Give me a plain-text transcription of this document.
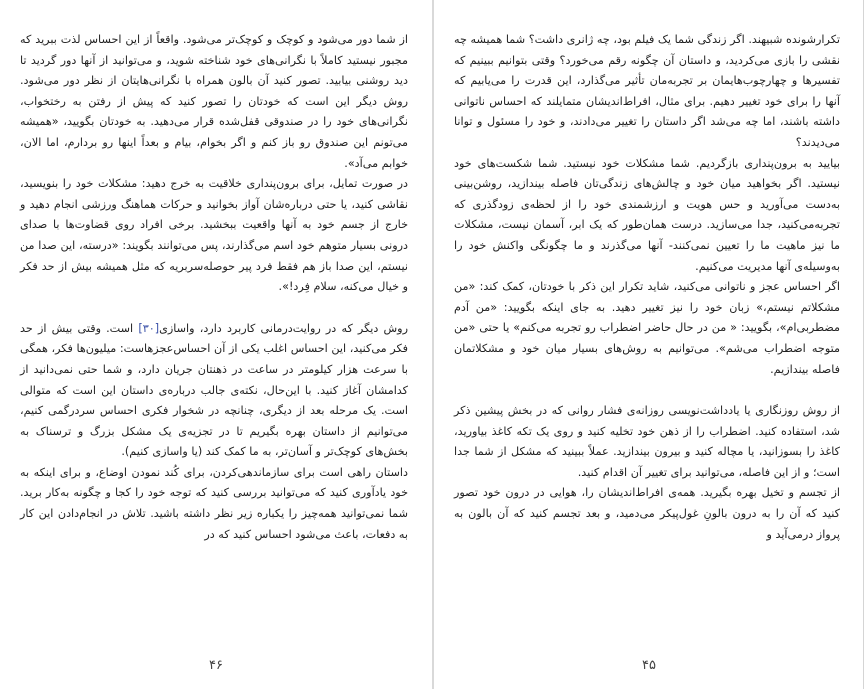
از شما دور می‌شود و کوچک و کوچک‌تر می‌شود. واقعاً از این احساس لذت ببرید که مجبور نیستید کاملاً با نگرانی‌های خود شناخته شوید، و می‌توانید از آنها دور گردید تا دید روشنی بیابید. تصور کنید آن بالون همراه با نگرانی‌هایتان از نظر دور می‌شود. روش دیگر این است که خودتان را تصور کنید که پیش از رفتن به رختخواب، نگرانی‌های خود را در صندوقی قفل‌شده قرار می‌دهید. به خودتان بگویید، «همیشه می‌تونم این صندوق رو باز کنم و اگر بخوام، بیام و بعداً اینها رو بردارم، اما الان، خوابم می‌آد».

در صورت تمایل، برای برون‌پنداری خلاقیت به خرج دهید: مشکلات خود را بنویسید، نقاشی کنید، یا حتی درباره‌شان آواز بخوانید و حرکات هماهنگ ورزشی انجام دهید و خارج از جسم خود به آنها واقعیت ببخشید. برخی افراد روی قضاوت‌ها با صدای درونی بسیار متوهم خود اسم می‌گذارند، پس می‌توانند بگویند: «درسته، این صدا من نیستم، این صدا باز هم فقط فرد پیر حوصله‌سربریه که مثل همیشه بیش از حد فکر و خیال می‌کنه، سلام فِرد!».

روش دیگر که در روایت‌درمانی کاربرد دارد، واسازی[۳۰] است. وقتی بیش از حد فکر می‌کنید، این احساس اغلب یکی از آن احساس‌عجزهاست: میلیون‌ها فکر، همگی با سرعت هزار کیلومتر در ساعت در ذهنتان جریان دارد، و شما حتی نمی‌دانید از کدامشان آغاز کنید. با این‌حال، نکته‌ی جالب درباره‌ی داستان این است که متوالی است. یک مرحله بعد از دیگری، چنانچه در شخوار فکری احساس سردرگمی کنیم، می‌توانیم از داستان بهره بگیریم تا در تجزیه‌ی یک مشکل بزرگ و ترسناک به بخش‌های کوچک‌تر و آسان‌تر، به ما کمک کند (یا واسازی کنیم).

داستان راهی است برای سازماندهی‌کردن، برای کُند نمودن اوضاع، و برای اینکه به خود یادآوری کنید که می‌توانید بررسی کنید که توجه خود را کجا و چگونه به‌کار برید. شما نمی‌توانید همه‌چیز را یکباره زیر نظر داشته باشید. تلاش در انجام‌دادن این کار به دفعات، باعث می‌شود احساس کنید که در

۴۶

تکرارشونده شبیهند. اگر زندگی شما یک فیلم بود، چه ژانری داشت؟ شما همیشه چه نقشی را بازی می‌کردید، و داستان آن چگونه رقم می‌خورد؟ وقتی بتوانیم ببینیم که تفسیرها و چهارچوب‌هایمان بر تجربه‌مان تأثیر می‌گذارد، این قدرت را می‌یابیم که آنها را برای خود تغییر دهیم. برای مثال، افراط‌اندیشان متمایلند که احساس ناتوانی داشته باشند، اما چه می‌شد اگر داستان را تغییر می‌دادند، و خود را مسئول و توانا می‌دیدند؟

بیایید به برون‌پنداری بازگردیم. شما مشکلات خود نیستید. شما شکست‌های خود نیستید. اگر بخواهید میان خود و چالش‌های زندگی‌تان فاصله بیندازید، روشن‌بینی به‌دست می‌آورید و حس هویت و ارزشمندی خود را از لحظه‌ی زودگذری که تجربه‌می‌کنید، جدا می‌سازید. درست همان‌طور که یک ابر، آسمان نیست، مشکلات ما نیز ماهیت ما را تعیین نمی‌کنند- آنها می‌گذرند و ما چگونگی واکنش خود را به‌وسیله‌ی آنها مدیریت می‌کنیم.

اگر احساس عجز و ناتوانی می‌کنید، شاید تکرار این ذکر با خودتان، کمک کند: «من مشکلاتم نیستم،» زبان خود را نیز تغییر دهید. به جای اینکه بگویید: «من آدم مضطربی‌ام»، بگویید: « من در حال حاضر اضطراب رو تجربه می‌کنم» یا حتی «من متوجه اضطراب می‌شم». می‌توانیم به روش‌های بسیار میان خود و مشکلاتمان فاصله بیندازیم.

از روش روزنگاری یا یادداشت‌نویسی روزانه‌ی فشار روانی که در بخش پیشین ذکر شد، استفاده کنید. اضطراب را از ذهن خود تخلیه کنید و روی یک تکه کاغذ بیاورید، کاغذ را بسوزانید، یا مچاله کنید و بیرون بیندازید. عملاً ببینید که مشکل از شما جدا است؛ و از این فاصله، می‌توانید برای تغییر آن اقدام کنید.

از تجسم و تخیل بهره بگیرید. همه‌ی افراط‌اندیشان را، هوایی در درون خود تصور کنید که آن را به درون بالونِ غول‌پیکر می‌دمید، و بعد تجسم کنید که آن بالون به پرواز درمی‌آید و

۴۵
